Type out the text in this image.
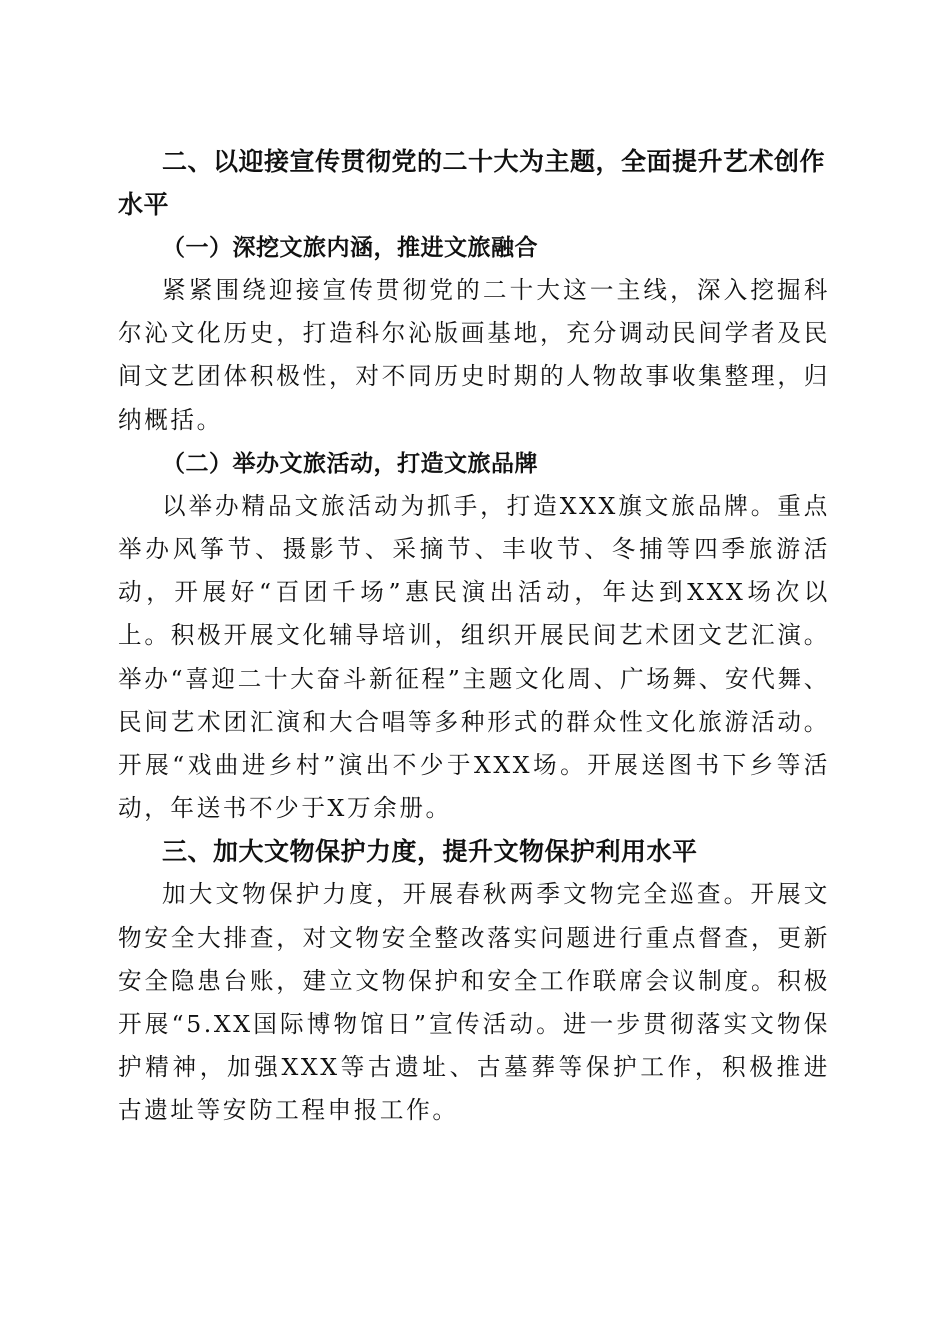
二、以迎接宣传贯彻党的二十大为主题，全面提升艺术创作水平

（一）深挖文旅内涵，推进文旅融合

紧紧围绕迎接宣传贯彻党的二十大这一主线，深入挖掘科尔沁文化历史，打造科尔沁版画基地，充分调动民间学者及民间文艺团体积极性，对不同历史时期的人物故事收集整理，归纳概括。

（二）举办文旅活动，打造文旅品牌

以举办精品文旅活动为抓手，打造XXX旗文旅品牌。重点举办风筝节、摄影节、采摘节、丰收节、冬捕等四季旅游活动，开展好“百团千场”惠民演出活动，年达到XXX场次以上。积极开展文化辅导培训，组织开展民间艺术团文艺汇演。举办“喜迎二十大奋斗新征程”主题文化周、广场舞、安代舞、民间艺术团汇演和大合唱等多种形式的群众性文化旅游活动。开展“戏曲进乡村”演出不少于XXX场。开展送图书下乡等活动，年送书不少于X万余册。

三、加大文物保护力度，提升文物保护利用水平

加大文物保护力度，开展春秋两季文物完全巡查。开展文物安全大排查，对文物安全整改落实问题进行重点督查，更新安全隐患台账，建立文物保护和安全工作联席会议制度。积极开展“5.XX国际博物馆日”宣传活动。进一步贯彻落实文物保护精神，加强XXX等古遗址、古墓葬等保护工作，积极推进古遗址等安防工程申报工作。
